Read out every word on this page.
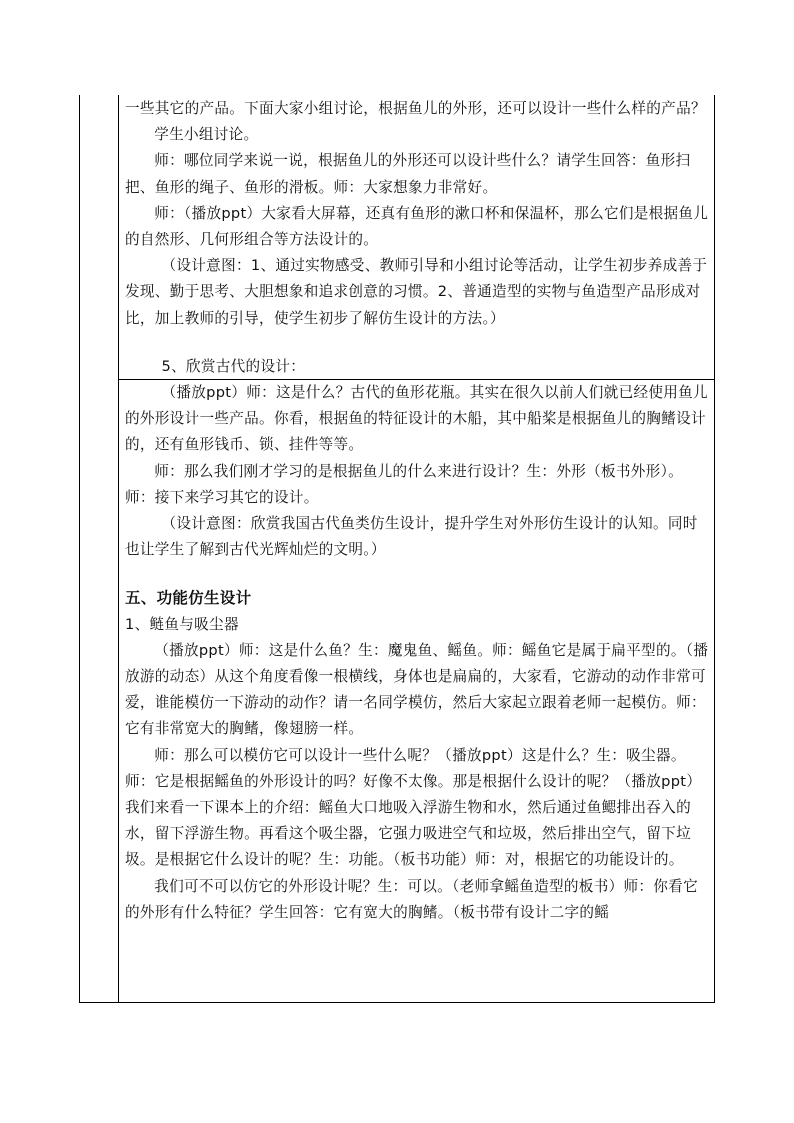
一些其它的产品。下面大家小组讨论，根据鱼儿的外形，还可以设计一些什么样的产品？

学生小组讨论。

师：哪位同学来说一说，根据鱼儿的外形还可以设计些什么？请学生回答：鱼形扫把、鱼形的绳子、鱼形的滑板。师：大家想象力非常好。

师：（播放ppt）大家看大屏幕，还真有鱼形的漱口杯和保温杯，那么它们是根据鱼儿的自然形、几何形组合等方法设计的。

（设计意图：1、通过实物感受、教师引导和小组讨论等活动，让学生初步养成善于发现、勤于思考、大胆想象和追求创意的习惯。2、普通造型的实物与鱼造型产品形成对比，加上教师的引导，使学生初步了解仿生设计的方法。）

5、欣赏古代的设计：

（播放ppt）师：这是什么？古代的鱼形花瓶。其实在很久以前人们就已经使用鱼儿的外形设计一些产品。你看，根据鱼的特征设计的木船，其中船桨是根据鱼儿的胸鳍设计的，还有鱼形钱币、锁、挂件等等。

师：那么我们刚才学习的是根据鱼儿的什么来进行设计？生：外形（板书外形）。师：接下来学习其它的设计。

（设计意图：欣赏我国古代鱼类仿生设计，提升学生对外形仿生设计的认知。同时也让学生了解到古代光辉灿烂的文明。）

五、功能仿生设计

1、鲢鱼与吸尘器

（播放ppt）师：这是什么鱼？生：魔鬼鱼、鳐鱼。师：鳐鱼它是属于扁平型的。（播放游的动态）从这个角度看像一根横线，身体也是扁扁的，大家看，它游动的动作非常可爱，谁能模仿一下游动的动作？请一名同学模仿，然后大家起立跟着老师一起模仿。师：它有非常宽大的胸鳍，像翅膀一样。

师：那么可以模仿它可以设计一些什么呢？（播放ppt）这是什么？生：吸尘器。师：它是根据鳐鱼的外形设计的吗？好像不太像。那是根据什么设计的呢？（播放ppt）我们来看一下课本上的介绍：鳐鱼大口地吸入浮游生物和水，然后通过鱼鳃排出吞入的水，留下浮游生物。再看这个吸尘器，它强力吸进空气和垃圾，然后排出空气，留下垃圾。是根据它什么设计的呢？生：功能。（板书功能）师：对，根据它的功能设计的。

我们可不可以仿它的外形设计呢？生：可以。（老师拿鳐鱼造型的板书）师：你看它的外形有什么特征？学生回答：它有宽大的胸鳍。（板书带有设计二字的鳐
